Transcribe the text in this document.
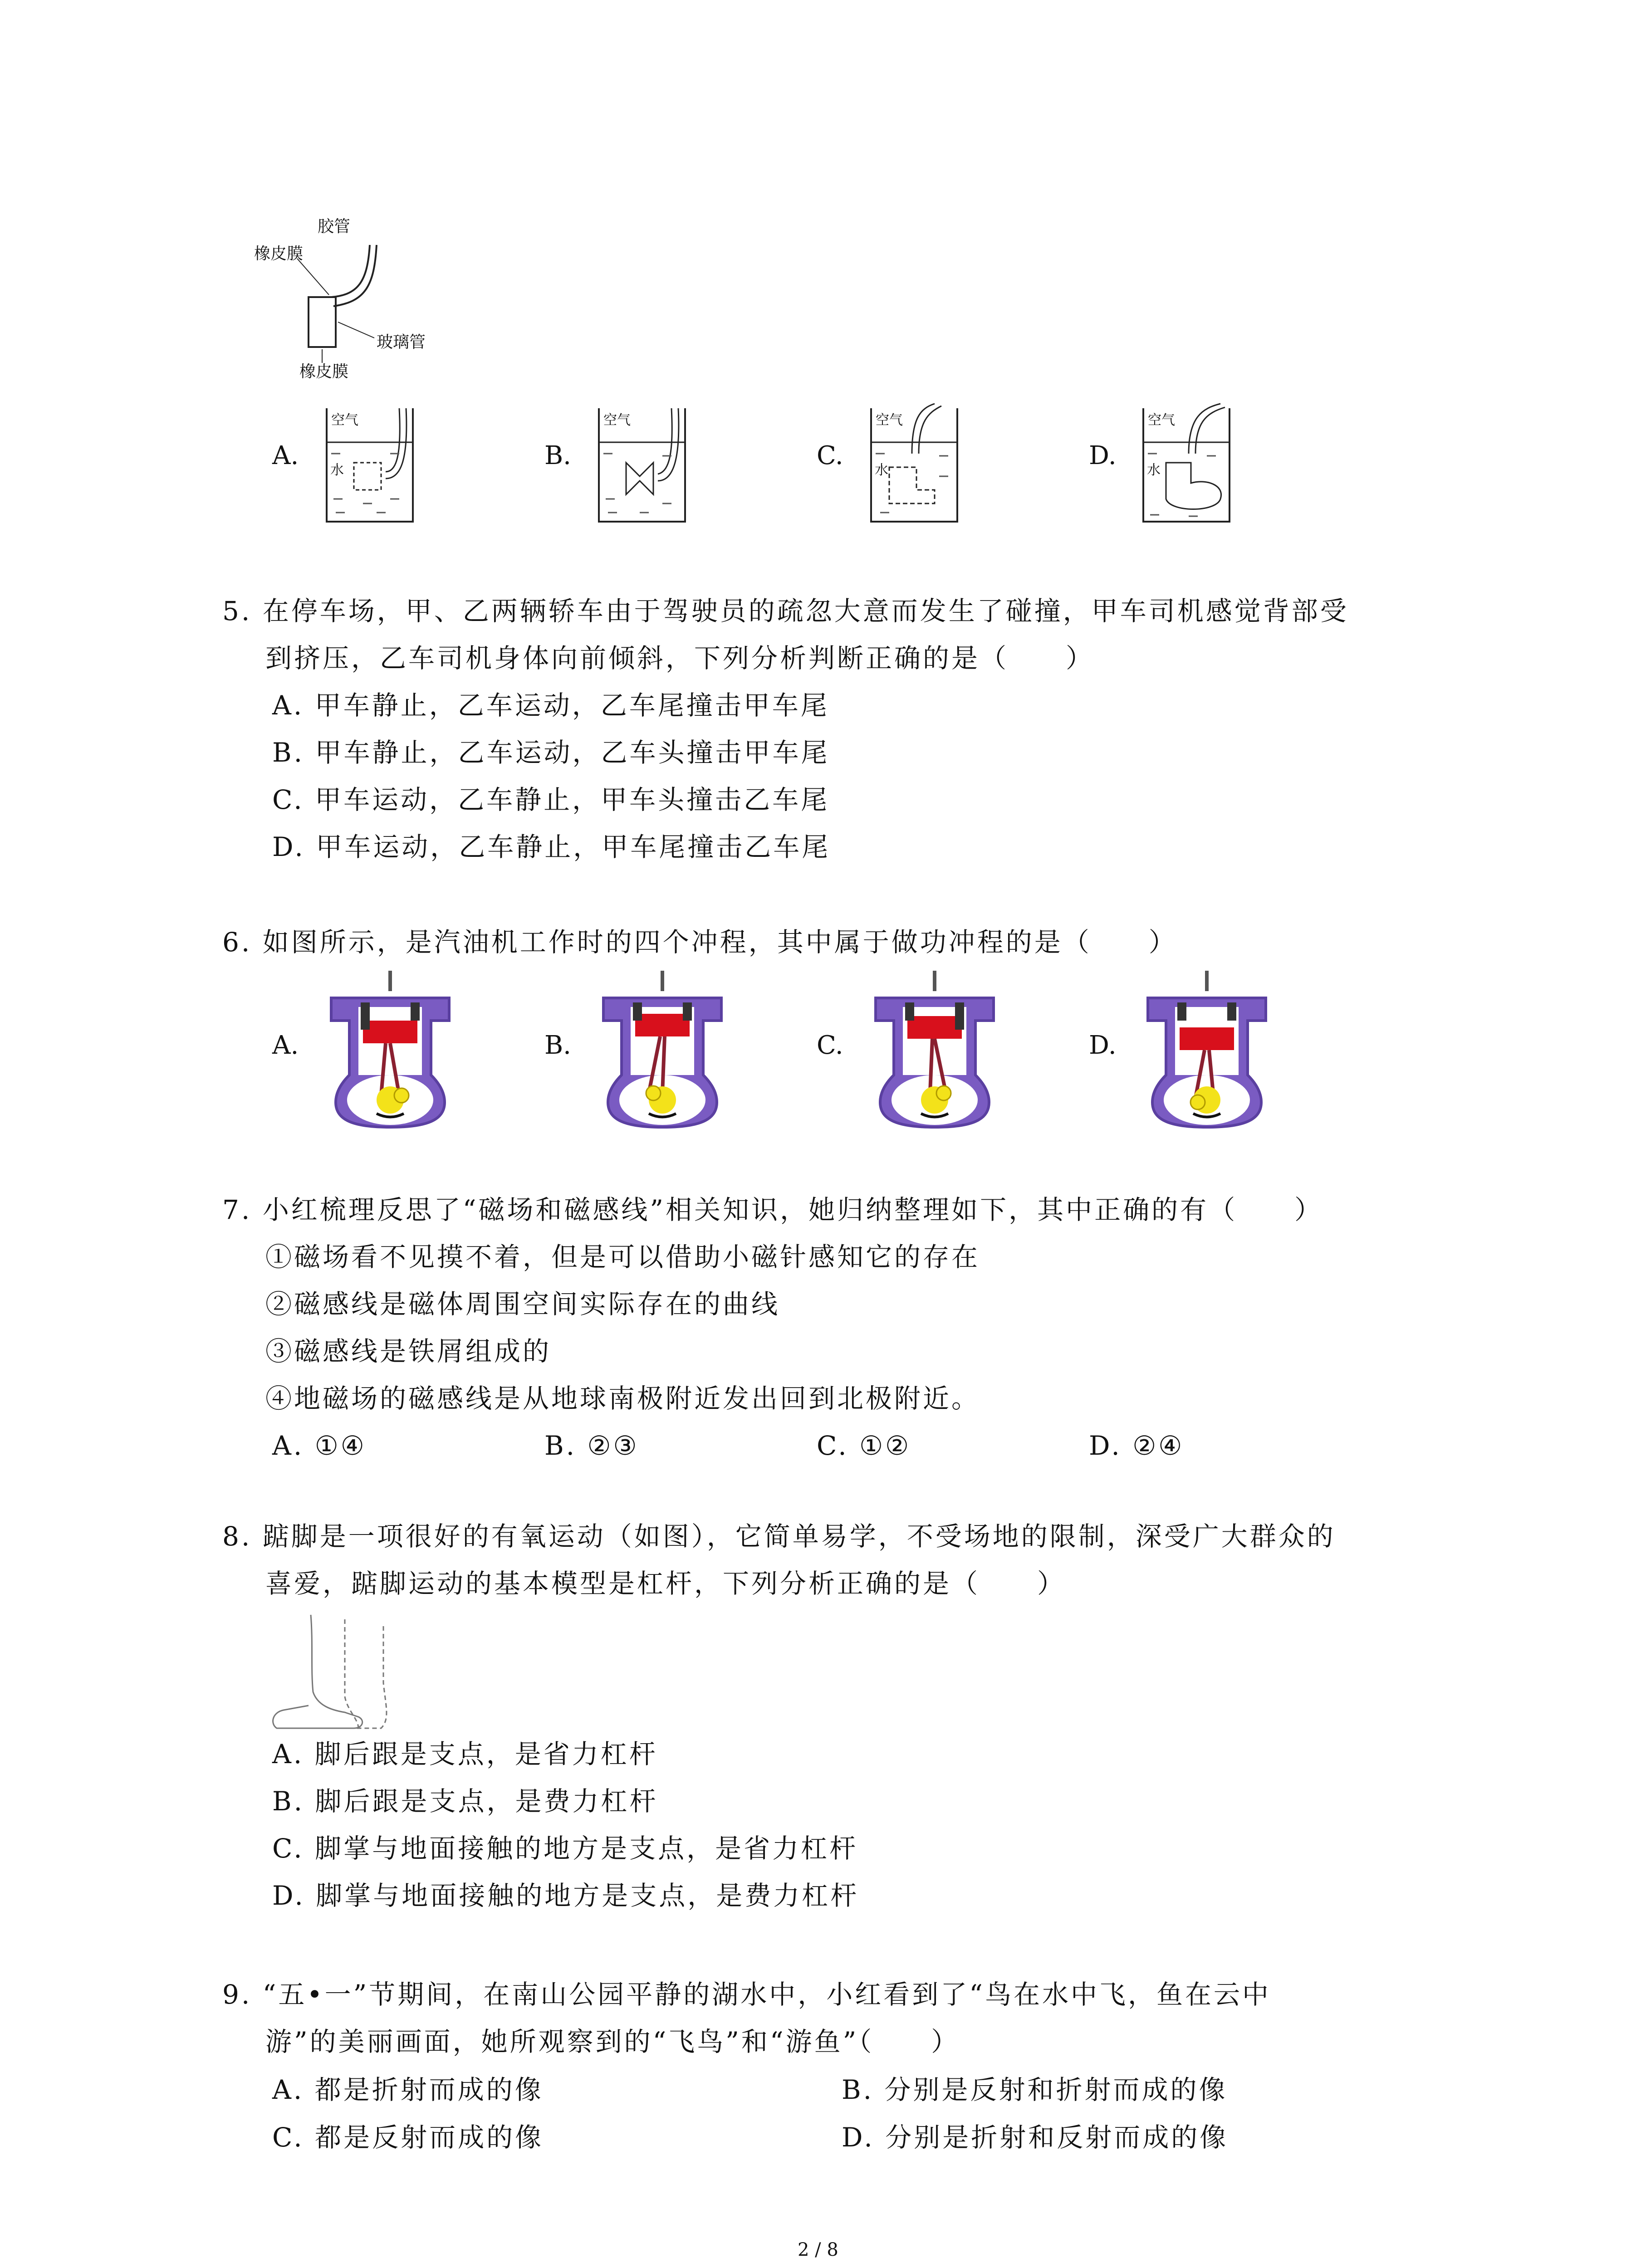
胶管
橡皮膜
玻璃管
橡皮膜
A.
空气
水	B.
空气
C.
空气
水	D.
空气
水
5. 在停车场，甲、乙两辆轿车由于驾驶员的疏忽大意而发生了碰撞，甲车司机感觉背部受
到挤压，乙车司机身体向前倾斜，下列分析判断正确的是（　　）
A. 甲车静止，乙车运动，乙车尾撞击甲车尾
B. 甲车静止，乙车运动，乙车头撞击甲车尾
C. 甲车运动，乙车静止，甲车头撞击乙车尾
D. 甲车运动，乙车静止，甲车尾撞击乙车尾
6. 如图所示，是汽油机工作时的四个冲程，其中属于做功冲程的是（　　）
A.	B.	C.	D.
7. 小红梳理反思了“磁场和磁感线”相关知识，她归纳整理如下，其中正确的有（　　）
①磁场看不见摸不着，但是可以借助小磁针感知它的存在
②磁感线是磁体周围空间实际存在的曲线
③磁感线是铁屑组成的
④地磁场的磁感线是从地球南极附近发出回到北极附近。
A. ①④	B. ②③	C. ①②	D. ②④
8. 踮脚是一项很好的有氧运动（如图），它简单易学，不受场地的限制，深受广大群众的
喜爱，踮脚运动的基本模型是杠杆，下列分析正确的是（　　）
A. 脚后跟是支点，是省力杠杆
B. 脚后跟是支点，是费力杠杆
C. 脚掌与地面接触的地方是支点，是省力杠杆
D. 脚掌与地面接触的地方是支点，是费力杠杆
9. “五•一”节期间，在南山公园平静的湖水中，小红看到了“鸟在水中飞，鱼在云中
游”的美丽画面，她所观察到的“飞鸟”和“游鱼”（　　）
A. 都是折射而成的像	B. 分别是反射和折射而成的像
C. 都是反射而成的像	D. 分别是折射和反射而成的像
2 / 8
